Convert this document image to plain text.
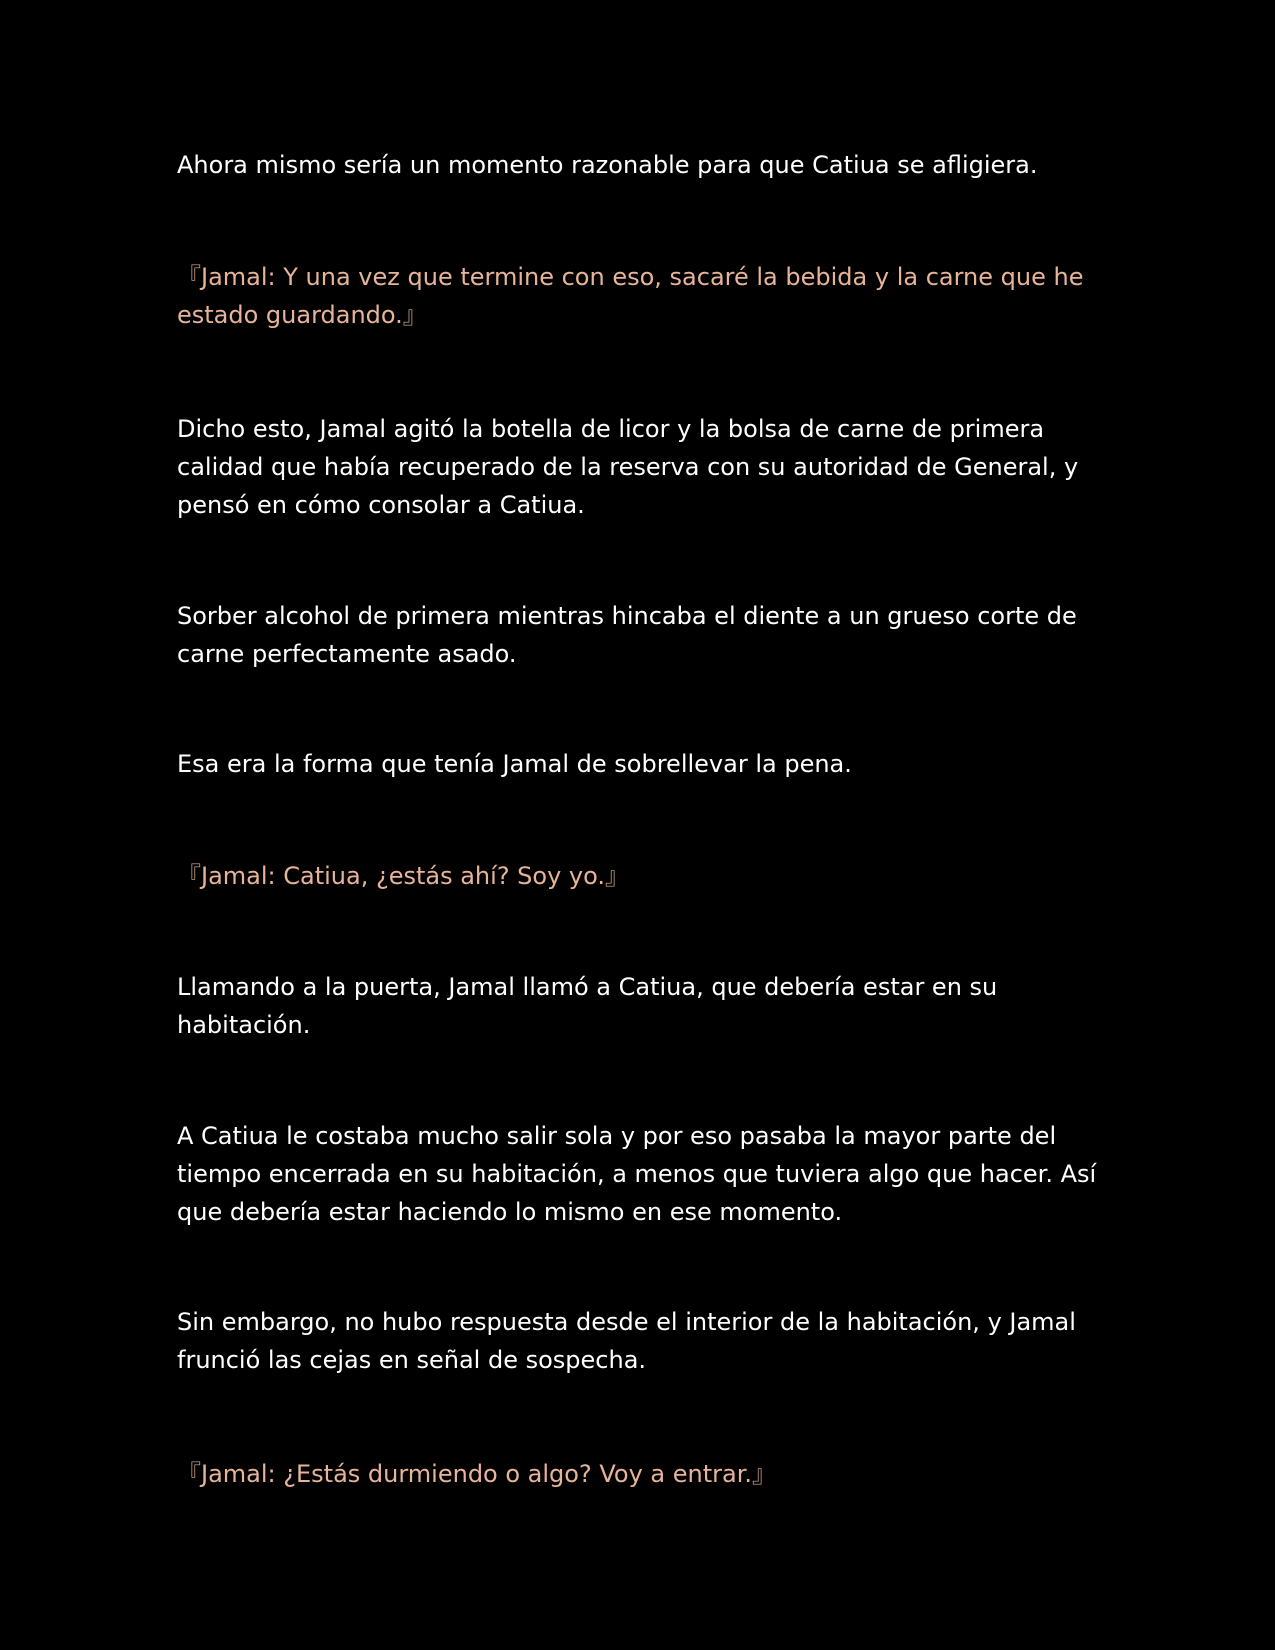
Ahora mismo sería un momento razonable para que Catiua se afligiera.

『Jamal: Y una vez que termine con eso, sacaré la bebida y la carne que he estado guardando.』

Dicho esto, Jamal agitó la botella de licor y la bolsa de carne de primera calidad que había recuperado de la reserva con su autoridad de General, y pensó en cómo consolar a Catiua.

Sorber alcohol de primera mientras hincaba el diente a un grueso corte de carne perfectamente asado.

Esa era la forma que tenía Jamal de sobrellevar la pena.

『Jamal: Catiua, ¿estás ahí? Soy yo.』

Llamando a la puerta, Jamal llamó a Catiua, que debería estar en su habitación.

A Catiua le costaba mucho salir sola y por eso pasaba la mayor parte del tiempo encerrada en su habitación, a menos que tuviera algo que hacer. Así que debería estar haciendo lo mismo en ese momento.

Sin embargo, no hubo respuesta desde el interior de la habitación, y Jamal frunció las cejas en señal de sospecha.

『Jamal: ¿Estás durmiendo o algo? Voy a entrar.』
